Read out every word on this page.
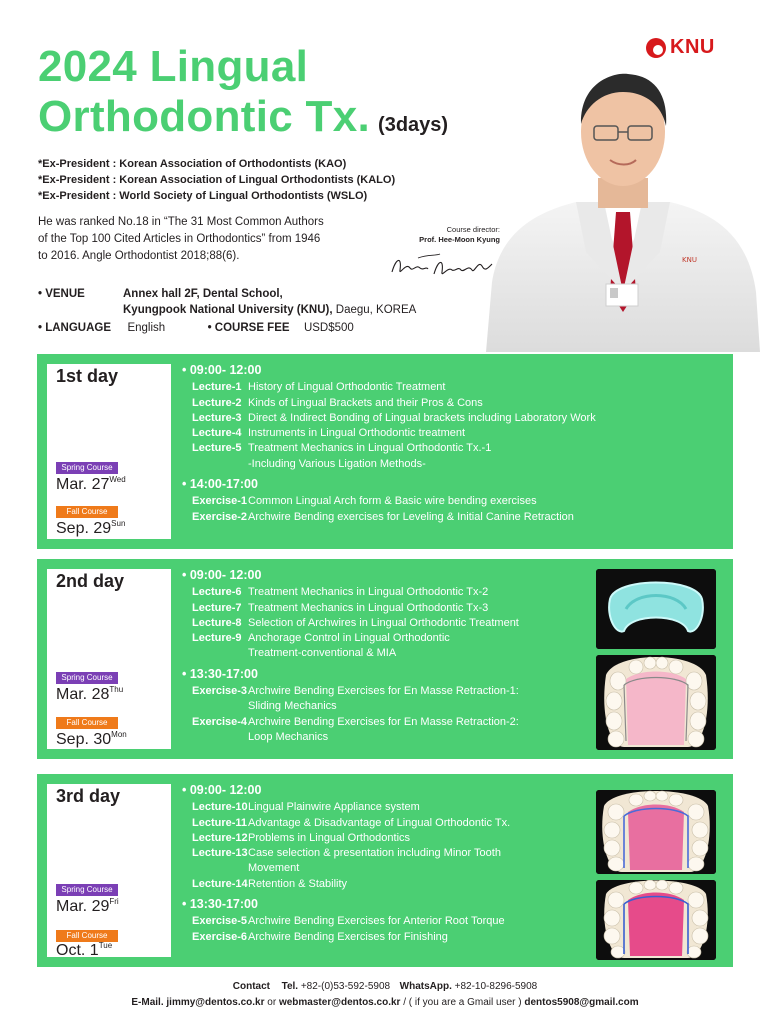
KNU
2024 Lingual
Orthodontic Tx. (3days)
*Ex-President : Korean Association of Orthodontists (KAO)
*Ex-President : Korean Association of Lingual Orthodontists (KALO)
*Ex-President : World Society of Lingual Orthodontists (WSLO)
He was ranked No.18 in “The 31 Most Common Authors
of the Top 100 Cited Articles in Orthodontics” from 1946
to 2016. Angle Orthodontist 2018;88(6).
Course director:
Prof. Hee-Moon Kyung
KNU
• VENUE	Annex hall 2F, Dental School,
Kyungpook National University (KNU), Daegu, KOREA
• LANGUAGE English	• COURSE FEE USD$500
1st day
Spring Course
Mar. $27^{Wed}$
Fall Course
Sep. $29^{Sun}$
• 09:00- 12:00
Lecture-1 History of Lingual Orthodontic Treatment
Lecture-2 Kinds of Lingual Brackets and their Pros & Cons
Lecture-3 Direct & Indirect Bonding of Lingual brackets including Laboratory Work
Lecture-4 Instruments in Lingual Orthodontic treatment
Lecture-5 Treatment Mechanics in Lingual Orthodontic Tx.-1
-Including Various Ligation Methods-
• 14:00-17:00
Exercise-1 Common Lingual Arch form & Basic wire bending exercises
Exercise-2 Archwire Bending exercises for Leveling & Initial Canine Retraction
2nd day
Spring Course
Mar. $28^{Thu}$
Fall Course
Sep. $30^{Mon}$
• 09:00- 12:00
Lecture-6 Treatment Mechanics in Lingual Orthodontic Tx-2
Lecture-7 Treatment Mechanics in Lingual Orthodontic Tx-3
Lecture-8 Selection of Archwires in Lingual Orthodontic Treatment
Lecture-9 Anchorage Control in Lingual Orthodontic
Treatment-conventional & MIA
• 13:30-17:00
Exercise-3 Archwire Bending Exercises for En Masse Retraction-1:
Sliding Mechanics
Exercise-4 Archwire Bending Exercises for En Masse Retraction-2:
Loop Mechanics
3rd day
Spring Course
Mar. $29^{Fri}$
Fall Course
Oct. $1^{Tue}$
• 09:00- 12:00
Lecture-10 Lingual Plainwire Appliance system
Lecture-11 Advantage & Disadvantage of Lingual Orthodontic Tx.
Lecture-12 Problems in Lingual Orthodontics
Lecture-13 Case selection & presentation including Minor Tooth
Movement
Lecture-14 Retention & Stability
• 13:30-17:00
Exercise-5 Archwire Bending Exercises for Anterior Root Torque
Exercise-6 Archwire Bending Exercises for Finishing
Contact Tel. +82-(0)53-592-5908 WhatsApp. +82-10-8296-5908
E-Mail. jimmy@dentos.co.kr or webmaster@dentos.co.kr / ( if you are a Gmail user ) dentos5908@gmail.com
